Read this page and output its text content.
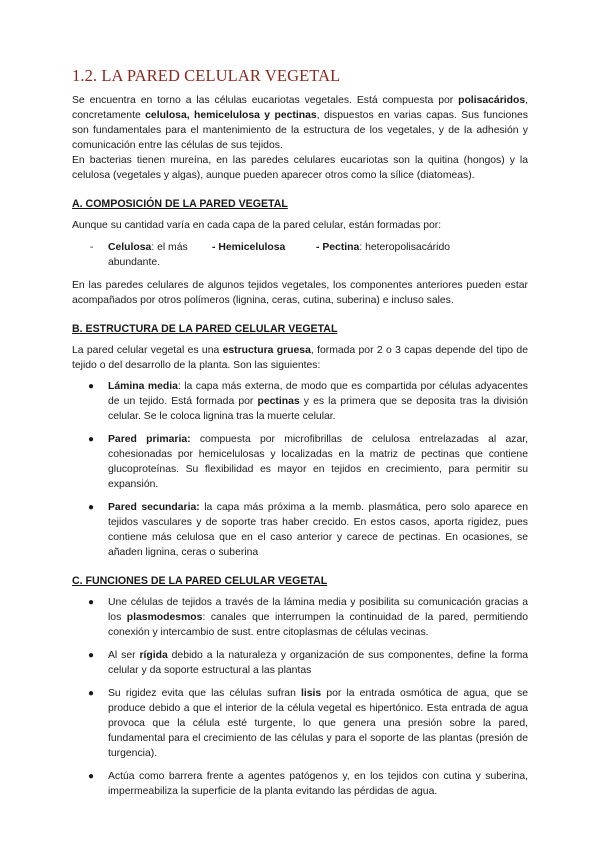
1.2. LA PARED CELULAR VEGETAL

Se encuentra en torno a las células eucariotas vegetales. Está compuesta por polisacáridos, concretamente celulosa, hemicelulosa y pectinas, dispuestos en varias capas. Sus funciones son fundamentales para el mantenimiento de la estructura de los vegetales, y de la adhesión y comunicación entre las células de sus tejidos.

En bacterias tienen mureína, en las paredes celulares eucariotas son la quitina (hongos) y la celulosa (vegetales y algas), aunque pueden aparecer otros como la sílice (diatomeas).

A. COMPOSICIÓN DE LA PARED VEGETAL

Aunque su cantidad varía en cada capa de la pared celular, están formadas por:

-	Celulosa: el más abundante.
- Hemicelulosa	- Pectina: heteropolisacárido

En las paredes celulares de algunos tejidos vegetales, los componentes anteriores pueden estar acompañados por otros polímeros (lignina, ceras, cutina, suberina) e incluso sales.

B. ESTRUCTURA DE LA PARED CELULAR VEGETAL

La pared celular vegetal es una estructura gruesa, formada por 2 o 3 capas depende del tipo de tejido o del desarrollo de la planta. Son las siguientes:

● Lámina media: la capa más externa, de modo que es compartida por células adyacentes de un tejido. Está formada por pectinas y es la primera que se deposita tras la división celular. Se le coloca lignina tras la muerte celular.
● Pared primaria: compuesta por microfibrillas de celulosa entrelazadas al azar, cohesionadas por hemicelulosas y localizadas en la matriz de pectinas que contiene glucoproteínas. Su flexibilidad es mayor en tejidos en crecimiento, para permitir su expansión.
● Pared secundaria: la capa más próxima a la memb. plasmática, pero solo aparece en tejidos vasculares y de soporte tras haber crecido. En estos casos, aporta rigidez, pues contiene más celulosa que en el caso anterior y carece de pectinas. En ocasiones, se añaden lignina, ceras o suberina
C. FUNCIONES DE LA PARED CELULAR VEGETAL
● Une células de tejidos a través de la lámina media y posibilita su comunicación gracias a los plasmodesmos: canales que interrumpen la continuidad de la pared, permitiendo conexión y intercambio de sust. entre citoplasmas de células vecinas.
● Al ser rígida debido a la naturaleza y organización de sus componentes, define la forma celular y da soporte estructural a las plantas
● Su rigidez evita que las células sufran lisis por la entrada osmótica de agua, que se produce debido a que el interior de la célula vegetal es hipertónico. Esta entrada de agua provoca que la célula esté turgente, lo que genera una presión sobre la pared, fundamental para el crecimiento de las células y para el soporte de las plantas (presión de turgencia).
● Actúa como barrera frente a agentes patógenos y, en los tejidos con cutina y suberina, impermeabiliza la superficie de la planta evitando las pérdidas de agua.
